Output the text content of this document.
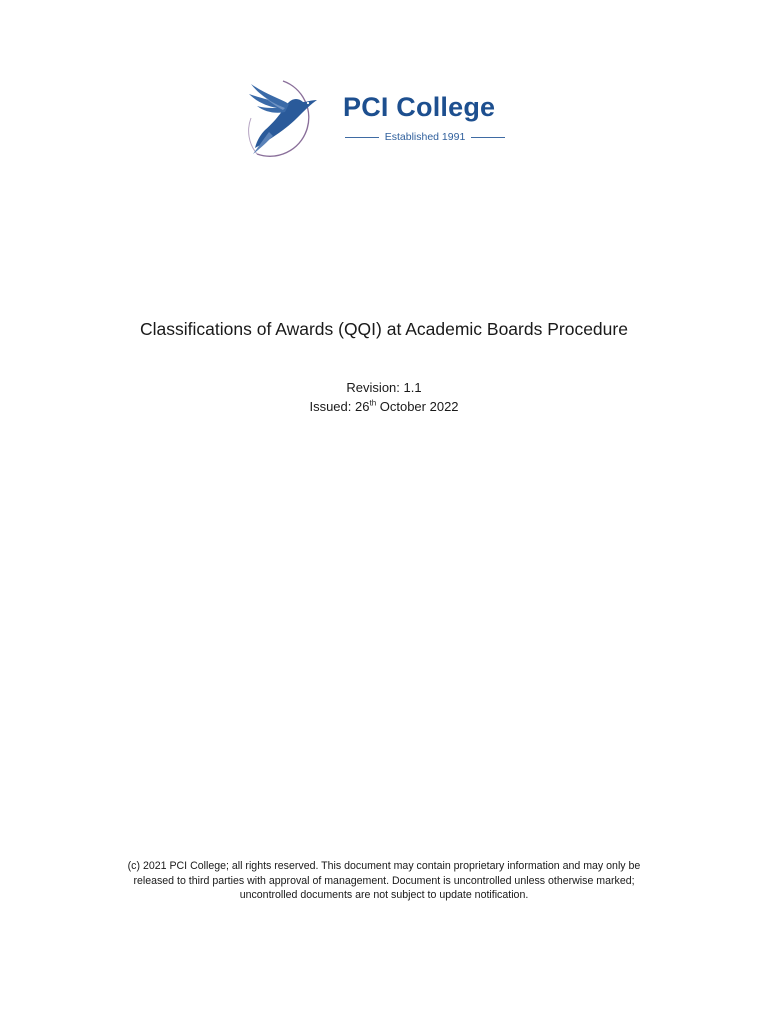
PCI College
Established 1991
Classifications of Awards (QQI) at Academic Boards Procedure
Revision: 1.1
Issued: 26th October 2022
(c) 2021 PCI College; all rights reserved. This document may contain proprietary information and may only be
released to third parties with approval of management. Document is uncontrolled unless otherwise marked;
uncontrolled documents are not subject to update notification.
